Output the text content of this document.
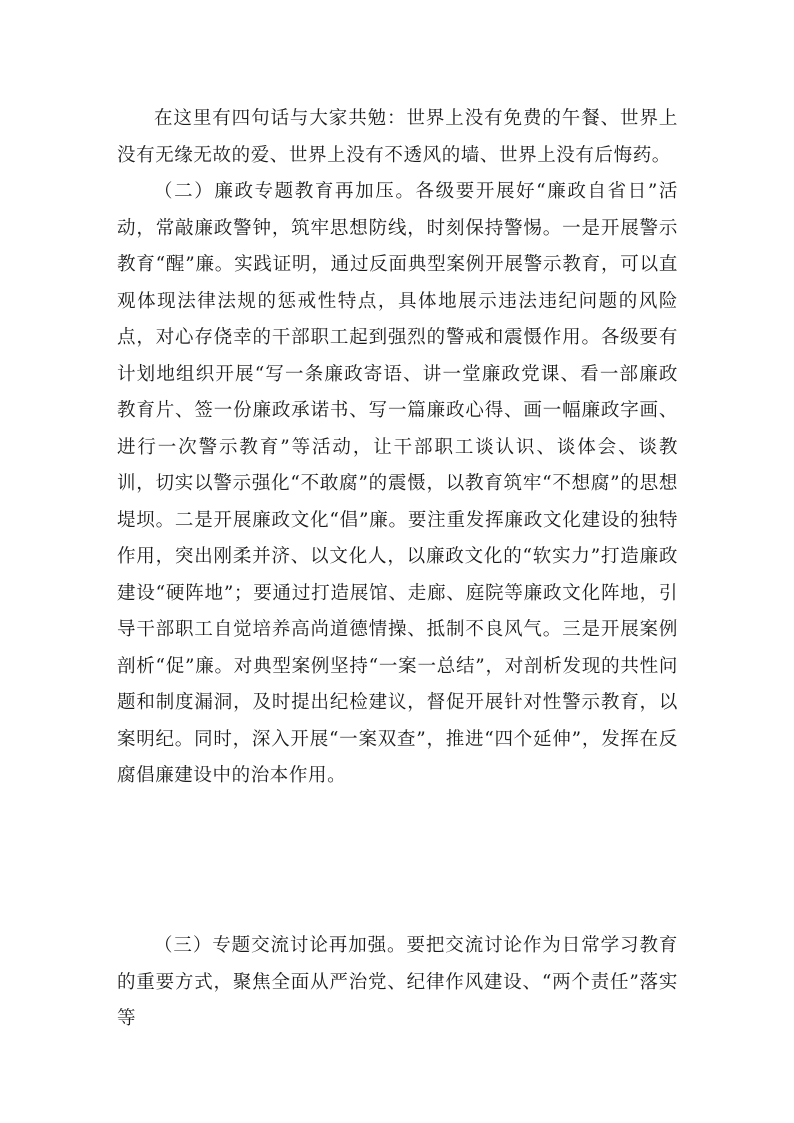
在这里有四句话与大家共勉：世界上没有免费的午餐、世界上没有无缘无故的爱、世界上没有不透风的墙、世界上没有后悔药。

（二）廉政专题教育再加压。各级要开展好“廉政自省日”活动，常敲廉政警钟，筑牢思想防线，时刻保持警惕。一是开展警示教育“醒”廉。实践证明，通过反面典型案例开展警示教育，可以直观体现法律法规的惩戒性特点，具体地展示违法违纪问题的风险点，对心存侥幸的干部职工起到强烈的警戒和震慑作用。各级要有计划地组织开展“写一条廉政寄语、讲一堂廉政党课、看一部廉政教育片、签一份廉政承诺书、写一篇廉政心得、画一幅廉政字画、进行一次警示教育”等活动，让干部职工谈认识、谈体会、谈教训，切实以警示强化“不敢腐”的震慑，以教育筑牢“不想腐”的思想堤坝。二是开展廉政文化“倡”廉。要注重发挥廉政文化建设的独特作用，突出刚柔并济、以文化人，以廉政文化的“软实力”打造廉政建设“硬阵地”；要通过打造展馆、走廊、庭院等廉政文化阵地，引导干部职工自觉培养高尚道德情操、抵制不良风气。三是开展案例剖析“促”廉。对典型案例坚持“一案一总结”，对剖析发现的共性问题和制度漏洞，及时提出纪检建议，督促开展针对性警示教育，以案明纪。同时，深入开展“一案双查”，推进“四个延伸”，发挥在反腐倡廉建设中的治本作用。

（三）专题交流讨论再加强。要把交流讨论作为日常学习教育的重要方式，聚焦全面从严治党、纪律作风建设、“两个责任”落实等
